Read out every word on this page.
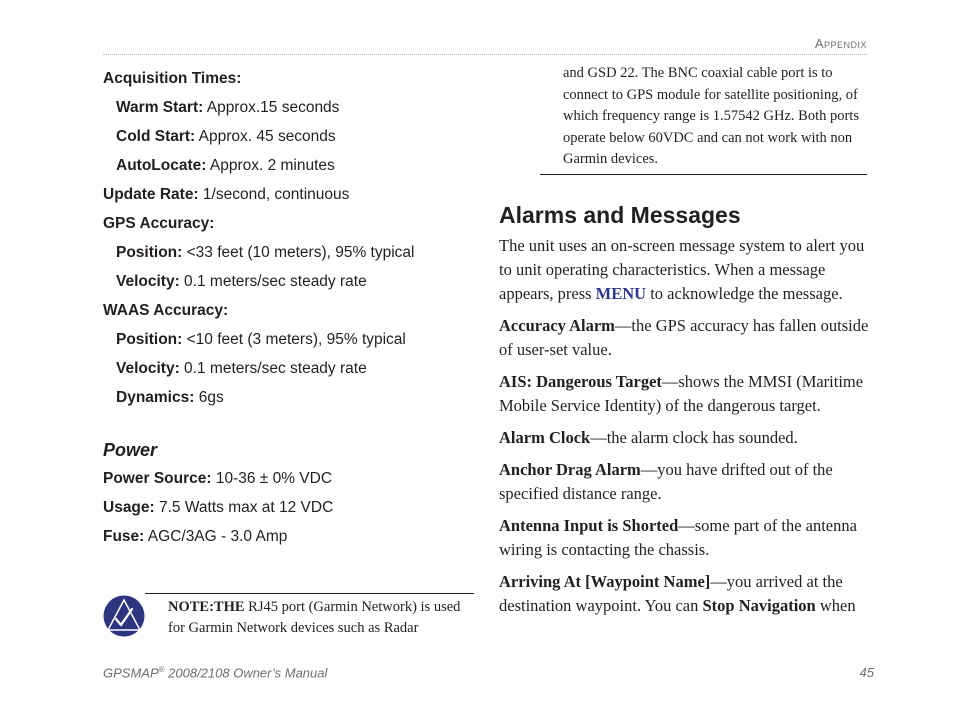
Appendix
Acquisition Times:
Warm Start: Approx.15 seconds
Cold Start: Approx. 45 seconds
AutoLocate: Approx. 2 minutes
Update Rate: 1/second, continuous
GPS Accuracy:
Position: <33 feet (10 meters), 95% typical
Velocity: 0.1 meters/sec steady rate
WAAS Accuracy:
Position: <10 feet (3 meters), 95% typical
Velocity: 0.1 meters/sec steady rate
Dynamics: 6gs
Power
Power Source: 10-36 ± 0% VDC
Usage: 7.5 Watts max at 12 VDC
Fuse: AGC/3AG - 3.0 Amp
NOTE:THE RJ45 port (Garmin Network) is used for Garmin Network devices such as Radar
and GSD 22. The BNC coaxial cable port is to connect to GPS module for satellite positioning, of which frequency range is 1.57542 GHz. Both ports operate below 60VDC and can not work with non Garmin devices.
Alarms and Messages

The unit uses an on-screen message system to alert you to unit operating characteristics. When a message appears, press MENU to acknowledge the message.

Accuracy Alarm—the GPS accuracy has fallen outside of user-set value.

AIS: Dangerous Target—shows the MMSI (Maritime Mobile Service Identity) of the dangerous target.

Alarm Clock—the alarm clock has sounded.

Anchor Drag Alarm—you have drifted out of the specified distance range.

Antenna Input is Shorted—some part of the antenna wiring is contacting the chassis.

Arriving At [Waypoint Name]—you arrived at the destination waypoint. You can Stop Navigation when

GPSMAP® 2008/2108 Owner’s Manual	45
